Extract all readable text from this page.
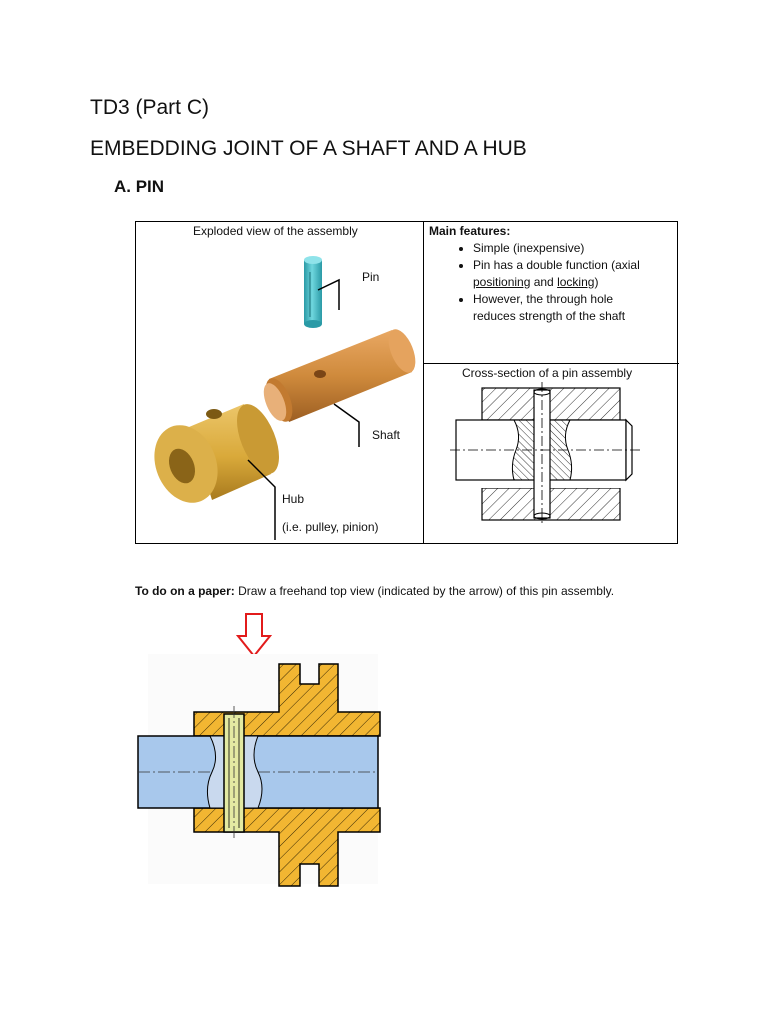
TD3 (Part C)
EMBEDDING JOINT OF A SHAFT AND A HUB
A. PIN
Exploded view of the assembly
Pin
Shaft
Hub
(i.e. pulley, pinion)
Main features:
• Simple (inexpensive)
• Pin has a double function (axial
positioning and locking)
• However, the through hole
reduces strength of the shaft
Cross-section of a pin assembly
To do on a paper: Draw a freehand top view (indicated by the arrow) of this pin assembly.
